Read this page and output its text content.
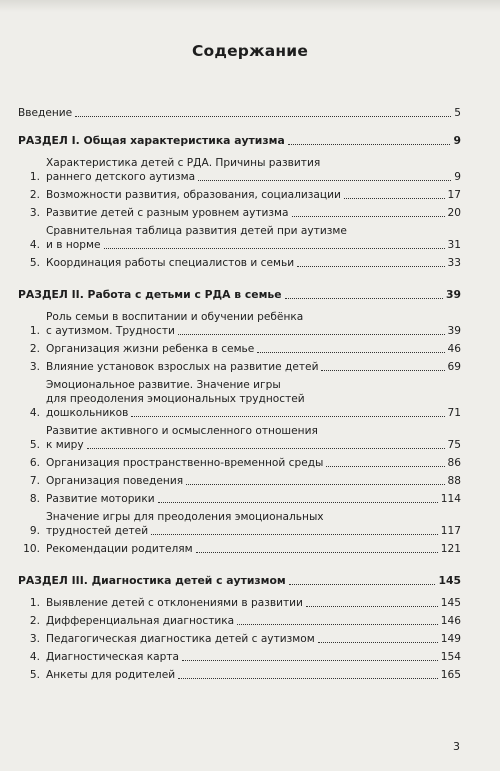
Содержание
Введение	5
РАЗДЕЛ I. Общая характеристика аутизма	9
1.
Характеристика детей с РДА. Причины развития
раннего детского аутизма	9
2. Возможности развития, образования, социализации	17
3. Развитие детей с разным уровнем аутизма	20
4.
Сравнительная таблица развития детей при аутизме
и в норме	31
5. Координация работы специалистов и семьи	33
РАЗДЕЛ II. Работа с детьми с РДА в семье	39
1.
Роль семьи в воспитании и обучении ребёнка
с аутизмом. Трудности	39
2. Организация жизни ребенка в семье	46
3. Влияние установок взрослых на развитие детей	69
4.
Эмоциональное развитие. Значение игры
для преодоления эмоциональных трудностей
дошкольников	71
5.
Развитие активного и осмысленного отношения
к миру	75
6. Организация пространственно-временной среды	86
7. Организация поведения	88
8. Развитие моторики	114
9.
Значение игры для преодоления эмоциональных
трудностей детей	117
10. Рекомендации родителям	121
РАЗДЕЛ III. Диагностика детей с аутизмом	145
1. Выявление детей с отклонениями в развитии	145
2. Дифференциальная диагностика	146
3. Педагогическая диагностика детей с аутизмом	149
4. Диагностическая карта	154
5. Анкеты для родителей	165
3
